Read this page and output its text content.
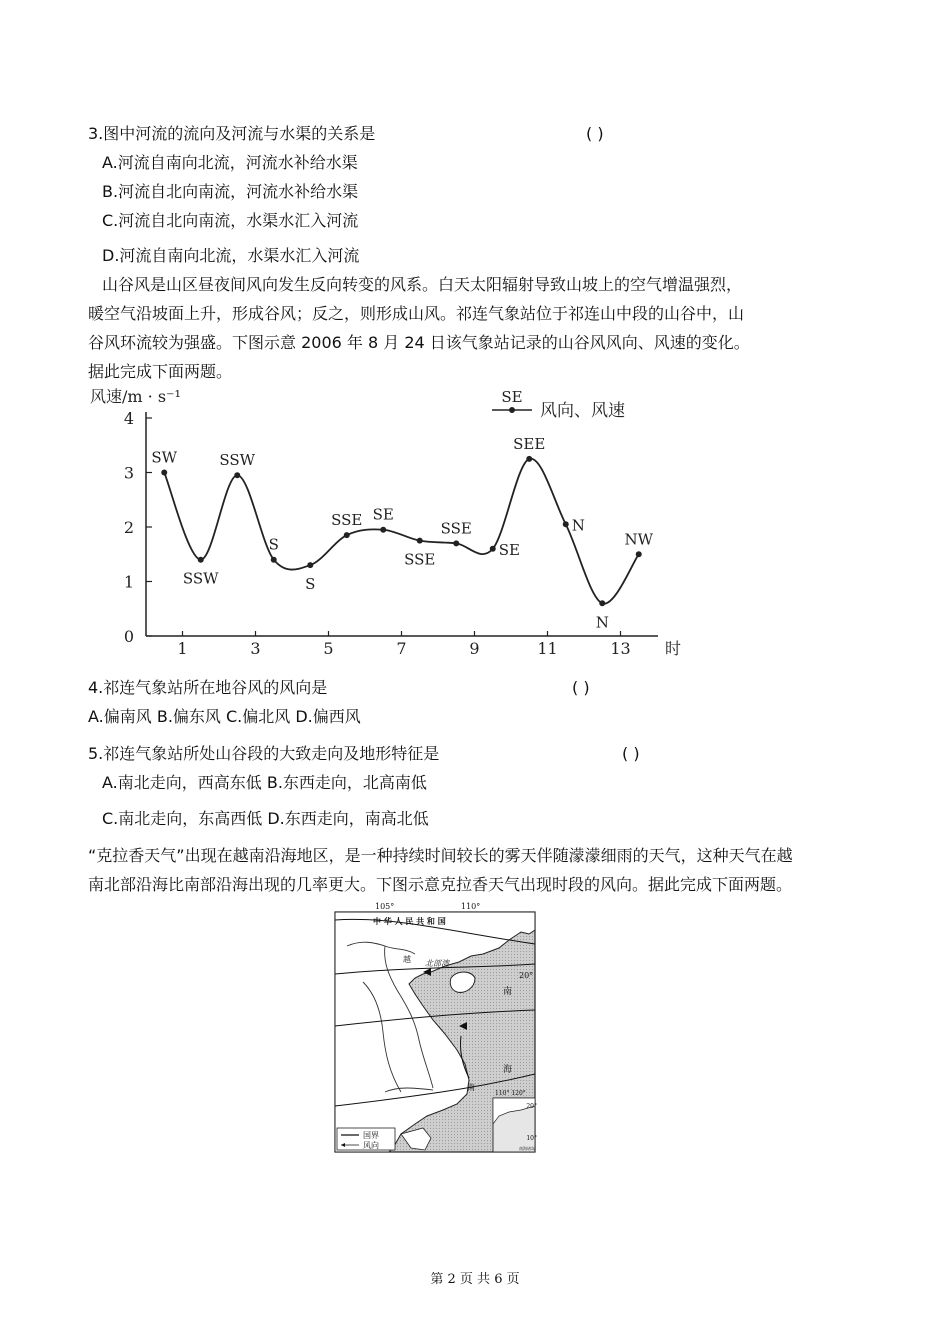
3.图中河流的流向及河流与水渠的关系是	( )
A.河流自南向北流，河流水补给水渠
B.河流自北向南流，河流水补给水渠
C.河流自北向南流，水渠水汇入河流
D.河流自南向北流，水渠水汇入河流
山谷风是山区昼夜间风向发生反向转变的风系。白天太阳辐射导致山坡上的空气增温强烈，
暖空气沿坡面上升，形成谷风；反之，则形成山风。祁连气象站位于祁连山中段的山谷中，山
谷风环流较为强盛。下图示意 2006 年 8 月 24 日该气象站记录的山谷风风向、风速的变化。
据此完成下面两题。
风速/m · s⁻¹
时
0
1
2
3
4
1	3	5	7	9	11	13
SW
SSW
SSW
S
S
SSE SE
SSE
SSE
SE
SEE
N
N
NW
SE
风向、风速
4.祁连气象站所在地谷风的风向是	( )
A.偏南风 B.偏东风 C.偏北风 D.偏西风
5.祁连气象站所处山谷段的大致走向及地形特征是	( )
A.南北走向，西高东低 B.东西走向，北高南低
C.南北走向，东高西低 D.东西走向，南高北低
“克拉香天气”出现在越南沿海地区，是一种持续时间较长的雾天伴随濛濛细雨的天气，这种天气在越
南北部沿海比南部沿海出现的几率更大。下图示意克拉香天气出现时段的风向。据此完成下面两题。
105°	110°
中 华 人 民 共 和 国
20°
越 北部湾
南
海
南
110° 120°
20°
10°
南海诸岛
国界
风向
第 2 页 共 6 页
